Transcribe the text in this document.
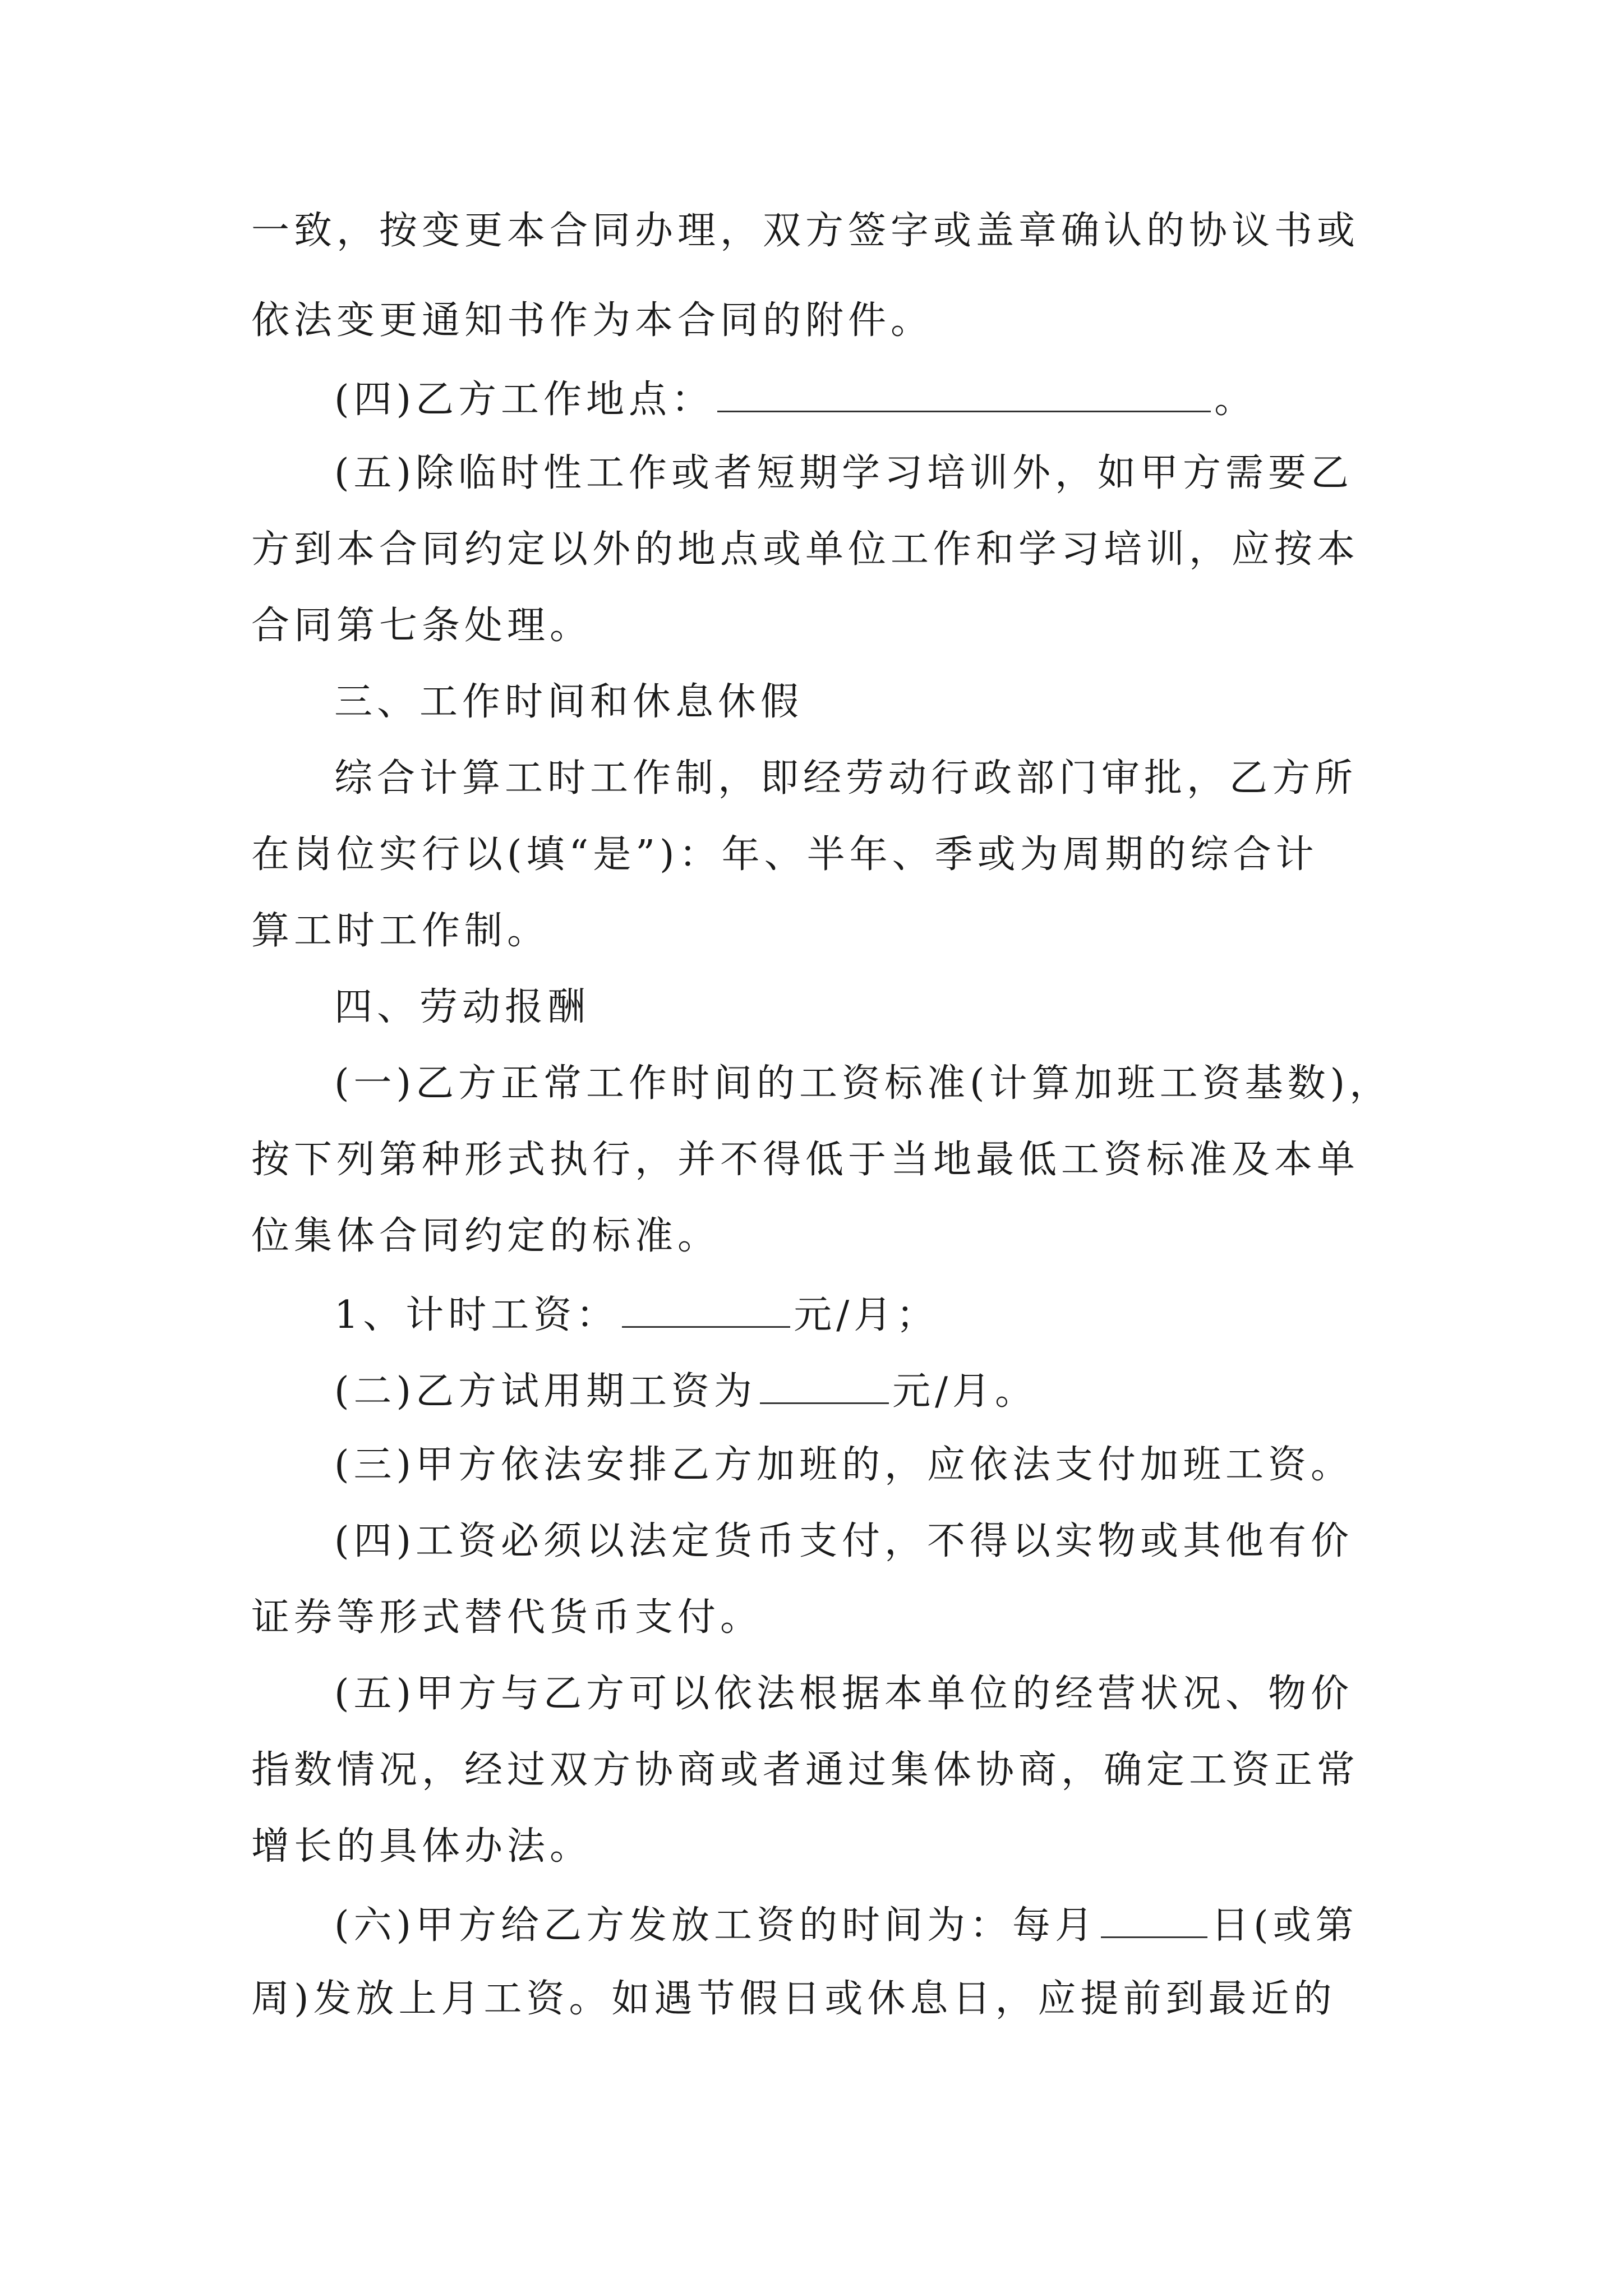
一致，按变更本合同办理，双方签字或盖章确认的协议书或
依法变更通知书作为本合同的附件。
(四)乙方工作地点：	。
(五)除临时性工作或者短期学习培训外，如甲方需要乙
方到本合同约定以外的地点或单位工作和学习培训，应按本
合同第七条处理。
三、工作时间和休息休假
综合计算工时工作制，即经劳动行政部门审批，乙方所
在岗位实行以(填“是”)：年、半年、季或为周期的综合计
算工时工作制。
四、劳动报酬
(一)乙方正常工作时间的工资标准(计算加班工资基数)，
按下列第种形式执行，并不得低于当地最低工资标准及本单
位集体合同约定的标准。
1、计时工资：	元/月；
(二)乙方试用期工资为	元/月。
(三)甲方依法安排乙方加班的，应依法支付加班工资。
(四)工资必须以法定货币支付，不得以实物或其他有价
证券等形式替代货币支付。
(五)甲方与乙方可以依法根据本单位的经营状况、物价
指数情况，经过双方协商或者通过集体协商，确定工资正常
增长的具体办法。
(六)甲方给乙方发放工资的时间为：每月	日(或第
周)发放上月工资。如遇节假日或休息日，应提前到最近的
